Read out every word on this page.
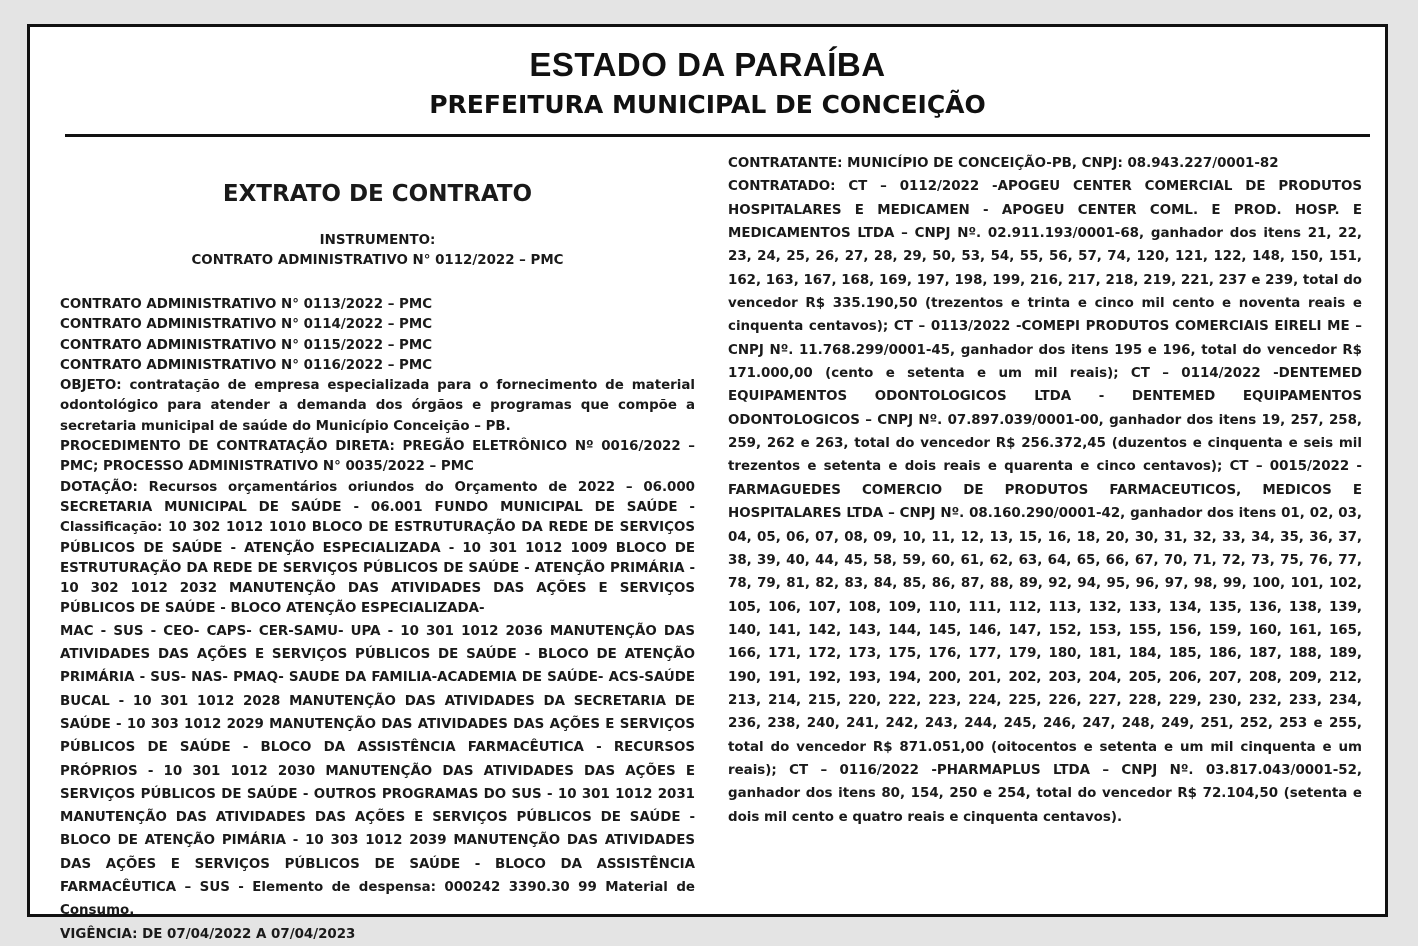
ESTADO DA PARAÍBA
PREFEITURA MUNICIPAL DE CONCEIÇÃO
EXTRATO DE CONTRATO
INSTRUMENTO:
CONTRATO ADMINISTRATIVO N° 0112/2022 – PMC
CONTRATO ADMINISTRATIVO N° 0113/2022 – PMC
CONTRATO ADMINISTRATIVO N° 0114/2022 – PMC
CONTRATO ADMINISTRATIVO N° 0115/2022 – PMC
CONTRATO ADMINISTRATIVO N° 0116/2022 – PMC

OBJETO: contratação de empresa especializada para o fornecimento de material odontológico para atender a demanda dos órgãos e programas que compõe a secretaria municipal de saúde do Município Conceição – PB.

PROCEDIMENTO DE CONTRATAÇÃO DIRETA: PREGÃO ELETRÔNICO Nº 0016/2022 – PMC; PROCESSO ADMINISTRATIVO N° 0035/2022 – PMC

DOTAÇÃO: Recursos orçamentários oriundos do Orçamento de 2022 – 06.000 SECRETARIA MUNICIPAL DE SAÚDE - 06.001 FUNDO MUNICIPAL DE SAÚDE - Classificação: 10 302 1012 1010 BLOCO DE ESTRUTURAÇÃO DA REDE DE SERVIÇOS PÚBLICOS DE SAÚDE - ATENÇÃO ESPECIALIZADA - 10 301 1012 1009 BLOCO DE ESTRUTURAÇÃO DA REDE DE SERVIÇOS PÚBLICOS DE SAÚDE - ATENÇÃO PRIMÁRIA - 10 302 1012 2032 MANUTENÇÃO DAS ATIVIDADES DAS AÇÕES E SERVIÇOS PÚBLICOS DE SAÚDE - BLOCO ATENÇÃO ESPECIALIZADA-

MAC - SUS - CEO- CAPS- CER-SAMU- UPA - 10 301 1012 2036 MANUTENÇÃO DAS ATIVIDADES DAS AÇÕES E SERVIÇOS PÚBLICOS DE SAÚDE - BLOCO DE ATENÇÃO PRIMÁRIA - SUS- NAS- PMAQ- SAUDE DA FAMILIA-ACADEMIA DE SAÚDE- ACS-SAÚDE BUCAL - 10 301 1012 2028 MANUTENÇÃO DAS ATIVIDADES DA SECRETARIA DE SAÚDE - 10 303 1012 2029 MANUTENÇÃO DAS ATIVIDADES DAS AÇÕES E SERVIÇOS PÚBLICOS DE SAÚDE - BLOCO DA ASSISTÊNCIA FARMACÊUTICA - RECURSOS PRÓPRIOS - 10 301 1012 2030 MANUTENÇÃO DAS ATIVIDADES DAS AÇÕES E SERVIÇOS PÚBLICOS DE SAÚDE - OUTROS PROGRAMAS DO SUS - 10 301 1012 2031 MANUTENÇÃO DAS ATIVIDADES DAS AÇÕES E SERVIÇOS PÚBLICOS DE SAÚDE - BLOCO DE ATENÇÃO PIMÁRIA - 10 303 1012 2039 MANUTENÇÃO DAS ATIVIDADES DAS AÇÕES E SERVIÇOS PÚBLICOS DE SAÚDE - BLOCO DA ASSISTÊNCIA FARMACÊUTICA – SUS - Elemento de despensa: 000242 3390.30 99 Material de Consumo.

VIGÊNCIA: DE 07/04/2022 A 07/04/2023

CONTRATANTE: MUNICÍPIO DE CONCEIÇÃO-PB, CNPJ: 08.943.227/0001-82

CONTRATADO: CT – 0112/2022 -APOGEU CENTER COMERCIAL DE PRODUTOS HOSPITALARES E MEDICAMEN - APOGEU CENTER COML. E PROD. HOSP. E MEDICAMENTOS LTDA – CNPJ Nº. 02.911.193/0001-68, ganhador dos itens 21, 22, 23, 24, 25, 26, 27, 28, 29, 50, 53, 54, 55, 56, 57, 74, 120, 121, 122, 148, 150, 151, 162, 163, 167, 168, 169, 197, 198, 199, 216, 217, 218, 219, 221, 237 e 239, total do vencedor R$ 335.190,50 (trezentos e trinta e cinco mil cento e noventa reais e cinquenta centavos); CT – 0113/2022 -COMEPI PRODUTOS COMERCIAIS EIRELI ME – CNPJ Nº. 11.768.299/0001-45, ganhador dos itens 195 e 196, total do vencedor R$ 171.000,00 (cento e setenta e um mil reais); CT – 0114/2022 -DENTEMED EQUIPAMENTOS ODONTOLOGICOS LTDA - DENTEMED EQUIPAMENTOS ODONTOLOGICOS – CNPJ Nº. 07.897.039/0001-00, ganhador dos itens 19, 257, 258, 259, 262 e 263, total do vencedor R$ 256.372,45 (duzentos e cinquenta e seis mil trezentos e setenta e dois reais e quarenta e cinco centavos); CT – 0015/2022 -FARMAGUEDES COMERCIO DE PRODUTOS FARMACEUTICOS, MEDICOS E HOSPITALARES LTDA – CNPJ Nº. 08.160.290/0001-42, ganhador dos itens 01, 02, 03, 04, 05, 06, 07, 08, 09, 10, 11, 12, 13, 15, 16, 18, 20, 30, 31, 32, 33, 34, 35, 36, 37, 38, 39, 40, 44, 45, 58, 59, 60, 61, 62, 63, 64, 65, 66, 67, 70, 71, 72, 73, 75, 76, 77, 78, 79, 81, 82, 83, 84, 85, 86, 87, 88, 89, 92, 94, 95, 96, 97, 98, 99, 100, 101, 102, 105, 106, 107, 108, 109, 110, 111, 112, 113, 132, 133, 134, 135, 136, 138, 139, 140, 141, 142, 143, 144, 145, 146, 147, 152, 153, 155, 156, 159, 160, 161, 165, 166, 171, 172, 173, 175, 176, 177, 179, 180, 181, 184, 185, 186, 187, 188, 189, 190, 191, 192, 193, 194, 200, 201, 202, 203, 204, 205, 206, 207, 208, 209, 212, 213, 214, 215, 220, 222, 223, 224, 225, 226, 227, 228, 229, 230, 232, 233, 234, 236, 238, 240, 241, 242, 243, 244, 245, 246, 247, 248, 249, 251, 252, 253 e 255, total do vencedor R$ 871.051,00 (oitocentos e setenta e um mil cinquenta e um reais); CT – 0116/2022 -PHARMAPLUS LTDA – CNPJ Nº. 03.817.043/0001-52, ganhador dos itens 80, 154, 250 e 254, total do vencedor R$ 72.104,50 (setenta e dois mil cento e quatro reais e cinquenta centavos).
